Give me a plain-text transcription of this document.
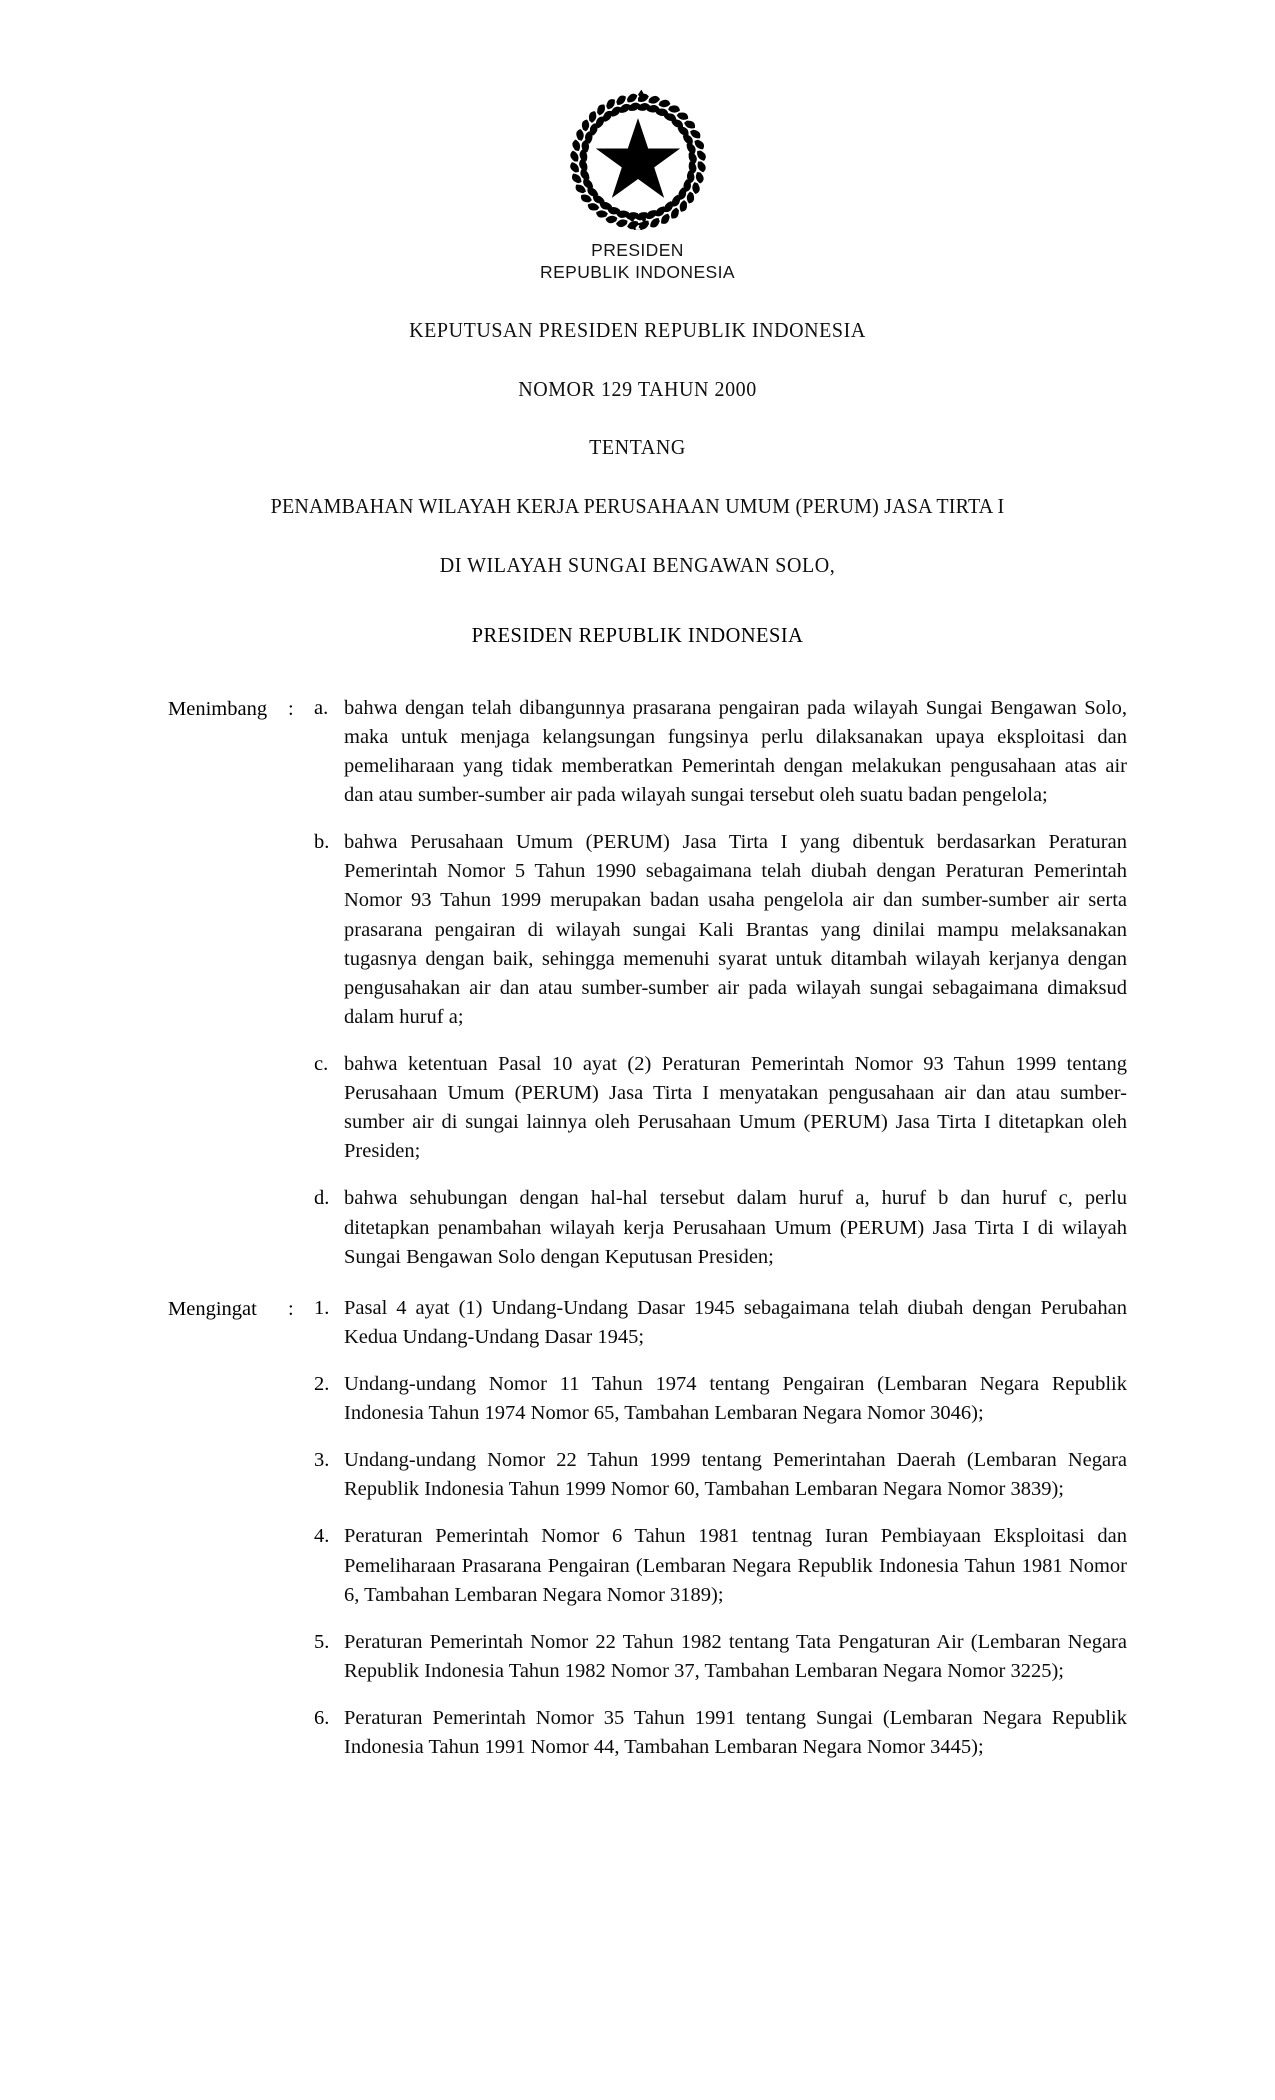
PRESIDEN
REPUBLIK INDONESIA
KEPUTUSAN PRESIDEN REPUBLIK INDONESIA
NOMOR 129 TAHUN 2000
TENTANG
PENAMBAHAN WILAYAH KERJA PERUSAHAAN UMUM (PERUM) JASA TIRTA I
DI WILAYAH SUNGAI BENGAWAN SOLO,
PRESIDEN REPUBLIK INDONESIA
Menimbang	: a. bahwa dengan telah dibangunnya prasarana pengairan pada wilayah Sungai Bengawan Solo, maka untuk menjaga kelangsungan fungsinya perlu dilaksanakan upaya eksploitasi dan pemeliharaan yang tidak memberatkan Pemerintah dengan melakukan pengusahaan atas air dan atau sumber-sumber air pada wilayah sungai tersebut oleh suatu badan pengelola;
b. bahwa Perusahaan Umum (PERUM) Jasa Tirta I yang dibentuk berdasarkan Peraturan Pemerintah Nomor 5 Tahun 1990 sebagaimana telah diubah dengan Peraturan Pemerintah Nomor 93 Tahun 1999 merupakan badan usaha pengelola air dan sumber-sumber air serta prasarana pengairan di wilayah sungai Kali Brantas yang dinilai mampu melaksanakan tugasnya dengan baik, sehingga memenuhi syarat untuk ditambah wilayah kerjanya dengan pengusahakan air dan atau sumber-sumber air pada wilayah sungai sebagaimana dimaksud dalam huruf a;
c. bahwa ketentuan Pasal 10 ayat (2) Peraturan Pemerintah Nomor 93 Tahun 1999 tentang Perusahaan Umum (PERUM) Jasa Tirta I menyatakan pengusahaan air dan atau sumber-sumber air di sungai lainnya oleh Perusahaan Umum (PERUM) Jasa Tirta I ditetapkan oleh Presiden;
d. bahwa sehubungan dengan hal-hal tersebut dalam huruf a, huruf b dan huruf c, perlu ditetapkan penambahan wilayah kerja Perusahaan Umum (PERUM) Jasa Tirta I di wilayah Sungai Bengawan Solo dengan Keputusan Presiden;
Mengingat	: 1. Pasal 4 ayat (1) Undang-Undang Dasar 1945 sebagaimana telah diubah dengan Perubahan Kedua Undang-Undang Dasar 1945;
2. Undang-undang Nomor 11 Tahun 1974 tentang Pengairan (Lembaran Negara Republik Indonesia Tahun 1974 Nomor 65, Tambahan Lembaran Negara Nomor 3046);
3. Undang-undang Nomor 22 Tahun 1999 tentang Pemerintahan Daerah (Lembaran Negara Republik Indonesia Tahun 1999 Nomor 60, Tambahan Lembaran Negara Nomor 3839);
4. Peraturan Pemerintah Nomor 6 Tahun 1981 tentnag Iuran Pembiayaan Eksploitasi dan Pemeliharaan Prasarana Pengairan (Lembaran Negara Republik Indonesia Tahun 1981 Nomor 6, Tambahan Lembaran Negara Nomor 3189);
5. Peraturan Pemerintah Nomor 22 Tahun 1982 tentang Tata Pengaturan Air (Lembaran Negara Republik Indonesia Tahun 1982 Nomor 37, Tambahan Lembaran Negara Nomor 3225);
6. Peraturan Pemerintah Nomor 35 Tahun 1991 tentang Sungai (Lembaran Negara Republik Indonesia Tahun 1991 Nomor 44, Tambahan Lembaran Negara Nomor 3445);
